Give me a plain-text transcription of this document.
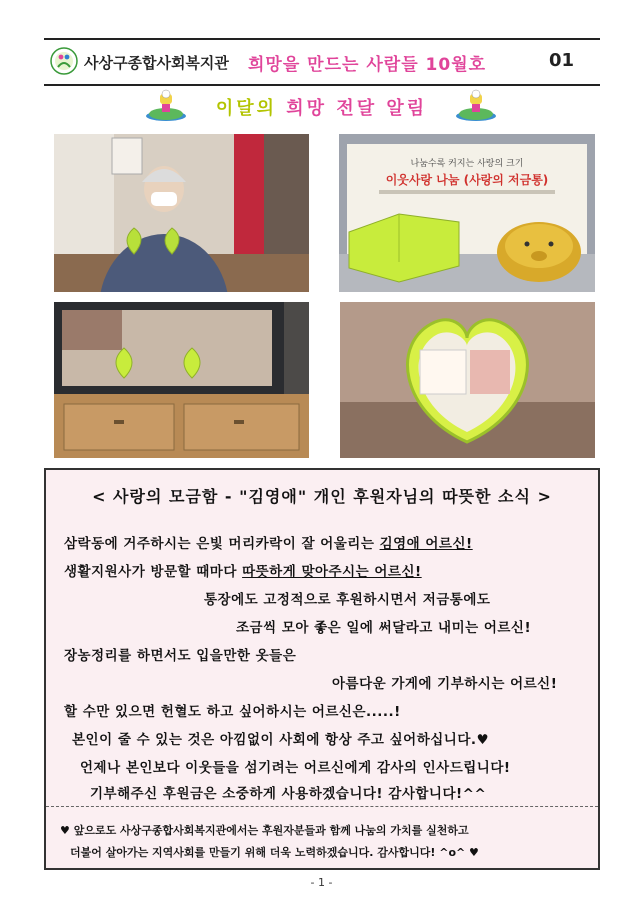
사상구종합사회복지관 희망을 만드는 사람들 10월호	01
이달의 희망 전달 알림
나눔수록 커지는 사랑의 크기
이웃사랑 나눔 (사랑의 저금통)
< 사랑의 모금함 - "김영애" 개인 후원자님의 따뜻한 소식 >
삼락동에 거주하시는 은빛 머리카락이 잘 어울리는 김영애 어르신!
생활지원사가 방문할 때마다 따뜻하게 맞아주시는 어르신!
통장에도 고정적으로 후원하시면서 저금통에도
조금씩 모아 좋은 일에 써달라고 내미는 어르신!
장농정리를 하면서도 입을만한 옷들은
아름다운 가게에 기부하시는 어르신!
할 수만 있으면 헌혈도 하고 싶어하시는 어르신은.....!
본인이 줄 수 있는 것은 아낌없이 사회에 항상 주고 싶어하십니다.♥
언제나 본인보다 이웃들을 섬기려는 어르신에게 감사의 인사드립니다!
기부해주신 후원금은 소중하게 사용하겠습니다! 감사합니다!^^
♥ 앞으로도 사상구종합사회복지관에서는 후원자분들과 함께 나눔의 가치를 실천하고
더불어 살아가는 지역사회를 만들기 위해 더욱 노력하겠습니다. 감사합니다! ^o^ ♥
- 1 -
